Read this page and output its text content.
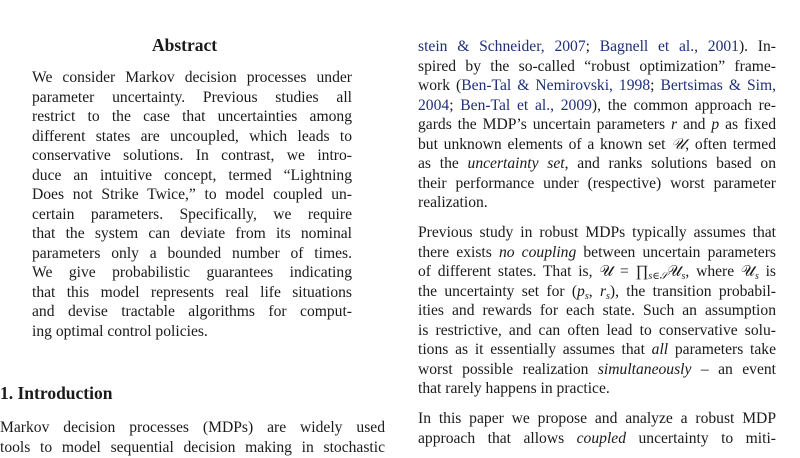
Abstract
We consider Markov decision processes under
parameter uncertainty. Previous studies all
restrict to the case that uncertainties among
different states are uncoupled, which leads to
conservative solutions. In contrast, we intro-
duce an intuitive concept, termed “Lightning
Does not Strike Twice,” to model coupled un-
certain parameters. Specifically, we require
that the system can deviate from its nominal
parameters only a bounded number of times.
We give probabilistic guarantees indicating
that this model represents real life situations
and devise tractable algorithms for comput-
ing optimal control policies.
1. Introduction
Markov decision processes (MDPs) are widely used
tools to model sequential decision making in stochastic
stein & Schneider, 2007; Bagnell et al., 2001). In-
spired by the so-called “robust optimization” frame-
work (Ben-Tal & Nemirovski, 1998; Bertsimas & Sim,
2004; Ben-Tal et al., 2009), the common approach re-
gards the MDP’s uncertain parameters r and p as fixed
but unknown elements of a known set 𝒰, often termed
as the uncertainty set, and ranks solutions based on
their performance under (respective) worst parameter
realization.
Previous study in robust MDPs typically assumes that
there exists no coupling between uncertain parameters
of different states. That is, 𝒰 = $\prod_{s\in 𝒮}𝒰_s$, where 𝒰$_s$ is
the uncertainty set for ($p_s$, $r_s$), the transition probabil-
ities and rewards for each state. Such an assumption
is restrictive, and can often lead to conservative solu-
tions as it essentially assumes that all parameters take
worst possible realization simultaneously – an event
that rarely happens in practice.
In this paper we propose and analyze a robust MDP
approach that allows coupled uncertainty to miti-
